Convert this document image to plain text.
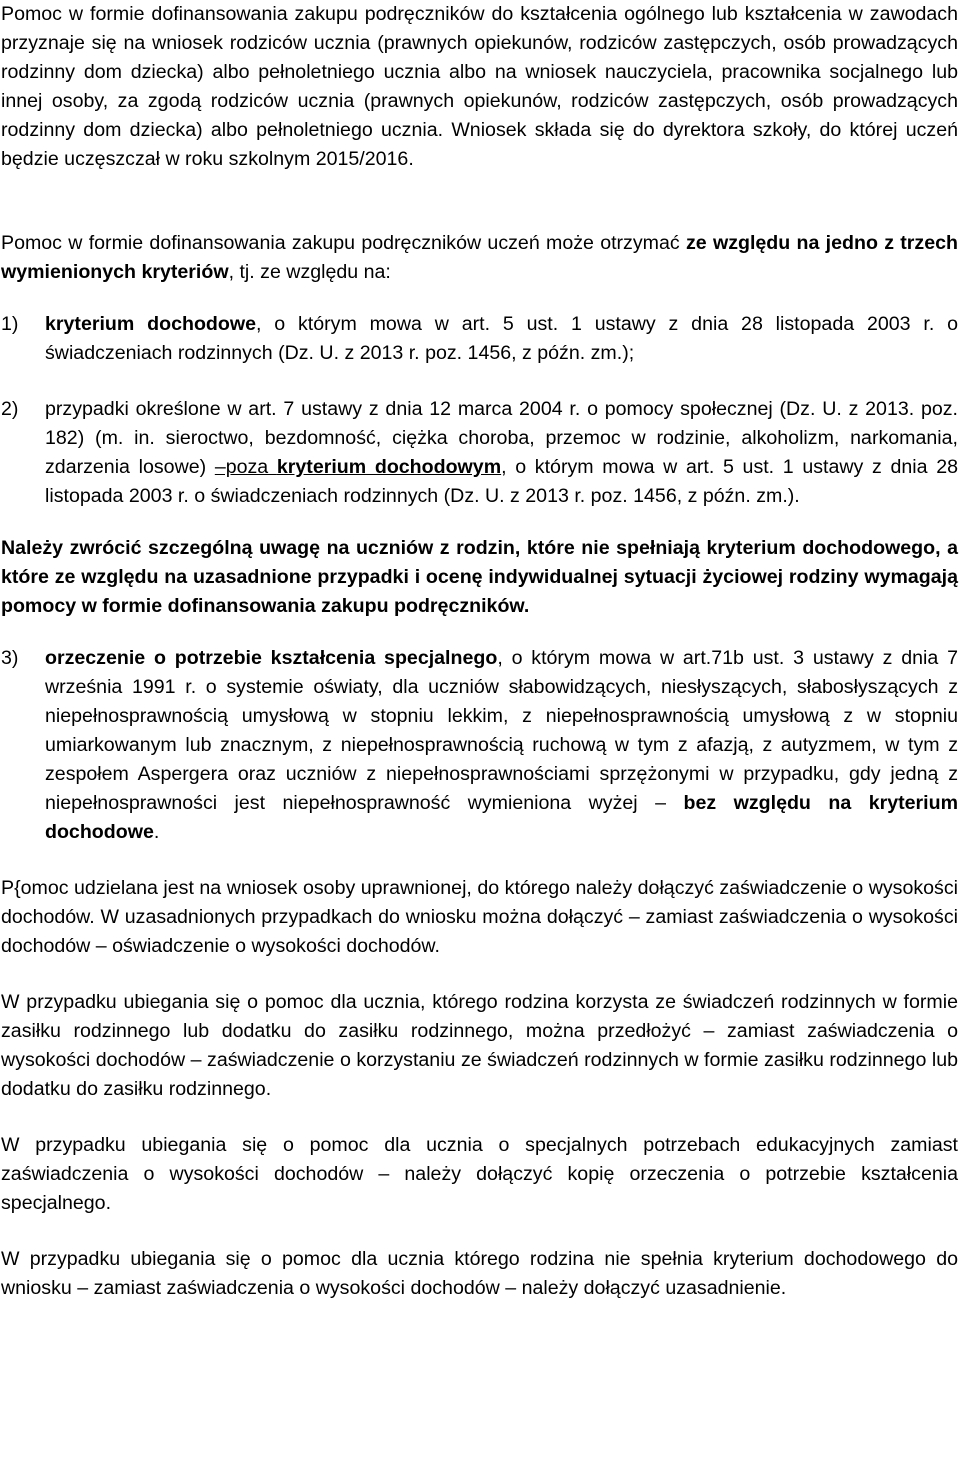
Pomoc w formie dofinansowania zakupu podręczników do kształcenia ogólnego lub kształcenia w zawodach przyznaje się na wniosek rodziców ucznia (prawnych opiekunów, rodziców zastępczych, osób prowadzących rodzinny dom dziecka) albo pełnoletniego ucznia albo na wniosek nauczyciela, pracownika socjalnego lub innej osoby, za zgodą rodziców ucznia (prawnych opiekunów, rodziców zastępczych, osób prowadzących rodzinny dom dziecka) albo pełnoletniego ucznia. Wniosek składa się do dyrektora szkoły, do której uczeń będzie uczęszczał w roku szkolnym 2015/2016.

Pomoc w formie dofinansowania zakupu podręczników uczeń może otrzymać ze względu na jedno z trzech wymienionych kryteriów, tj. ze względu na:

1) kryterium dochodowe, o którym mowa w art. 5 ust. 1 ustawy z dnia 28 listopada 2003 r. o świadczeniach rodzinnych (Dz. U. z 2013 r. poz. 1456, z późn. zm.);
2) przypadki określone w art. 7 ustawy z dnia 12 marca 2004 r. o pomocy społecznej (Dz. U. z 2013. poz. 182) (m. in. sieroctwo, bezdomność, ciężka choroba, przemoc w rodzinie, alkoholizm, narkomania, zdarzenia losowe) –poza kryterium dochodowym, o którym mowa w art. 5 ust. 1 ustawy z dnia 28 listopada 2003 r. o świadczeniach rodzinnych (Dz. U. z 2013 r. poz. 1456, z późn. zm.).

Należy zwrócić szczególną uwagę na uczniów z rodzin, które nie spełniają kryterium dochodowego, a które ze względu na uzasadnione przypadki i ocenę indywidualnej sytuacji życiowej rodziny wymagają pomocy w formie dofinansowania zakupu podręczników.

3) orzeczenie o potrzebie kształcenia specjalnego, o którym mowa w art.71b ust. 3 ustawy z dnia 7 września 1991 r. o systemie oświaty, dla uczniów słabowidzących, niesłyszących, słabosłyszących z niepełnosprawnością umysłową w stopniu lekkim, z niepełnosprawnością umysłową z w stopniu umiarkowanym lub znacznym, z niepełnosprawnością ruchową w tym z afazją, z autyzmem, w tym z zespołem Aspergera oraz uczniów z niepełnosprawnościami sprzężonymi w przypadku, gdy jedną z niepełnosprawności jest niepełnosprawność wymieniona wyżej – bez względu na kryterium dochodowe.

P{omoc udzielana jest na wniosek osoby uprawnionej, do którego należy dołączyć zaświadczenie o wysokości dochodów. W uzasadnionych przypadkach do wniosku można dołączyć – zamiast zaświadczenia o wysokości dochodów – oświadczenie o wysokości dochodów.

W przypadku ubiegania się o pomoc dla ucznia, którego rodzina korzysta ze świadczeń rodzinnych w formie zasiłku rodzinnego lub dodatku do zasiłku rodzinnego, można przedłożyć – zamiast zaświadczenia o wysokości dochodów – zaświadczenie o korzystaniu ze świadczeń rodzinnych w formie zasiłku rodzinnego lub dodatku do zasiłku rodzinnego.

W przypadku ubiegania się o pomoc dla ucznia o specjalnych potrzebach edukacyjnych zamiast zaświadczenia o wysokości dochodów – należy dołączyć kopię orzeczenia o potrzebie kształcenia specjalnego.

W przypadku ubiegania się o pomoc dla ucznia którego rodzina nie spełnia kryterium dochodowego do wniosku – zamiast zaświadczenia o wysokości dochodów – należy dołączyć uzasadnienie.
